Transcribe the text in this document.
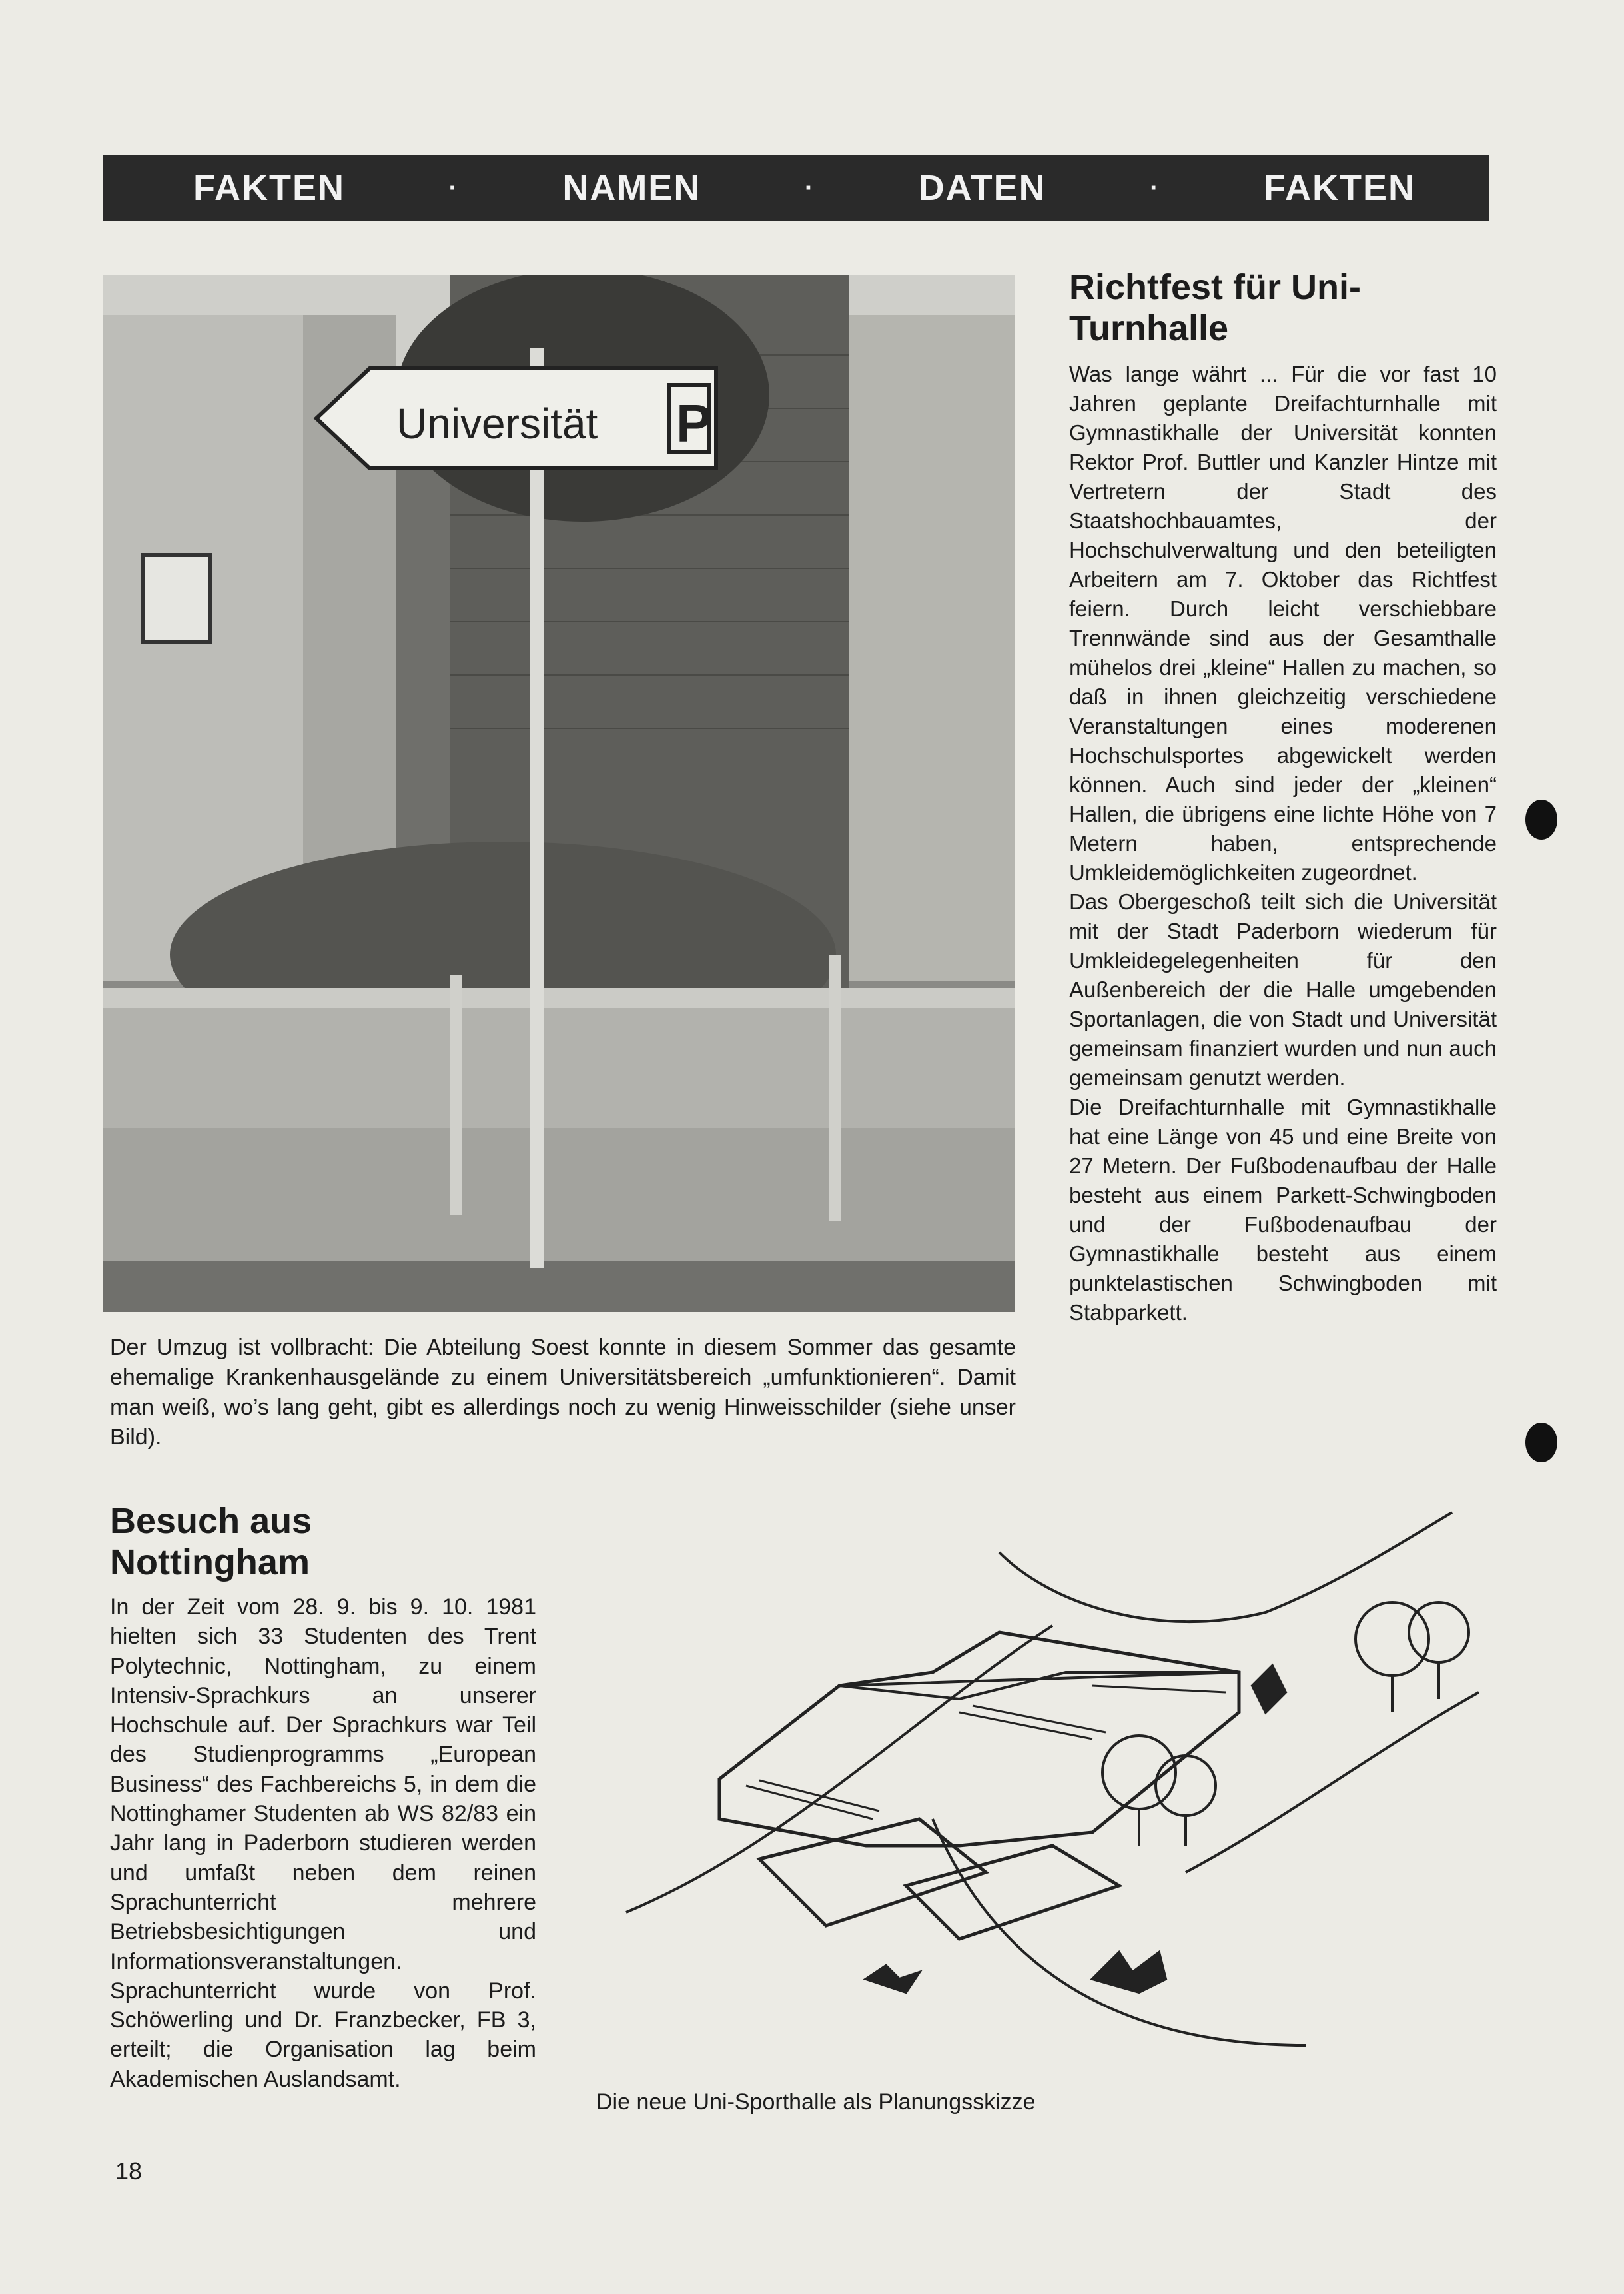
FAKTEN	·	NAMEN	·	DATEN	·	FAKTEN
Universität P
Der Umzug ist vollbracht: Die Abteilung Soest konnte in diesem Sommer das gesamte ehemalige Krankenhausgelände zu einem Universitätsbereich „umfunktionieren“. Damit man weiß, wo’s lang geht, gibt es allerdings noch zu wenig Hinweisschilder (siehe unser Bild).
Richtfest für Uni-Turnhalle

Was lange währt ... Für die vor fast 10 Jahren geplante Dreifachturnhalle mit Gymnastikhalle der Universität konnten Rektor Prof. Buttler und Kanzler Hintze mit Vertretern der Stadt des Staatshochbauamtes, der Hochschulverwaltung und den beteiligten Arbeitern am 7. Oktober das Richtfest feiern. Durch leicht verschiebbare Trennwände sind aus der Gesamthalle mühelos drei „kleine“ Hallen zu machen, so daß in ihnen gleichzeitig verschiedene Veranstaltungen eines moderenen Hochschulsportes abgewickelt werden können. Auch sind jeder der „kleinen“ Hallen, die übrigens eine lichte Höhe von 7 Metern haben, entsprechende Umkleidemöglichkeiten zugeordnet.

Das Obergeschoß teilt sich die Universität mit der Stadt Paderborn wiederum für Umkleidegelegenheiten für den Außenbereich der die Halle umgebenden Sportanlagen, die von Stadt und Universität gemeinsam finanziert wurden und nun auch gemeinsam genutzt werden.

Die Dreifachturnhalle mit Gymnastikhalle hat eine Länge von 45 und eine Breite von 27 Metern. Der Fußbodenaufbau der Halle besteht aus einem Parkett-Schwingboden und der Fußbodenaufbau der Gymnastikhalle besteht aus einem punktelastischen Schwingboden mit Stabparkett.

Besuch aus Nottingham

In der Zeit vom 28. 9. bis 9. 10. 1981 hielten sich 33 Studenten des Trent Polytechnic, Nottingham, zu einem Intensiv-Sprachkurs an unserer Hochschule auf. Der Sprachkurs war Teil des Studienprogramms „European Business“ des Fachbereichs 5, in dem die Nottinghamer Studenten ab WS 82/83 ein Jahr lang in Paderborn studieren werden und umfaßt neben dem reinen Sprachunterricht mehrere Betriebsbesichtigungen und Informationsveranstaltungen. Sprachunterricht wurde von Prof. Schöwerling und Dr. Franzbecker, FB 3, erteilt; die Organisation lag beim Akademischen Auslandsamt.

Die neue Uni-Sporthalle als Planungsskizze
18
